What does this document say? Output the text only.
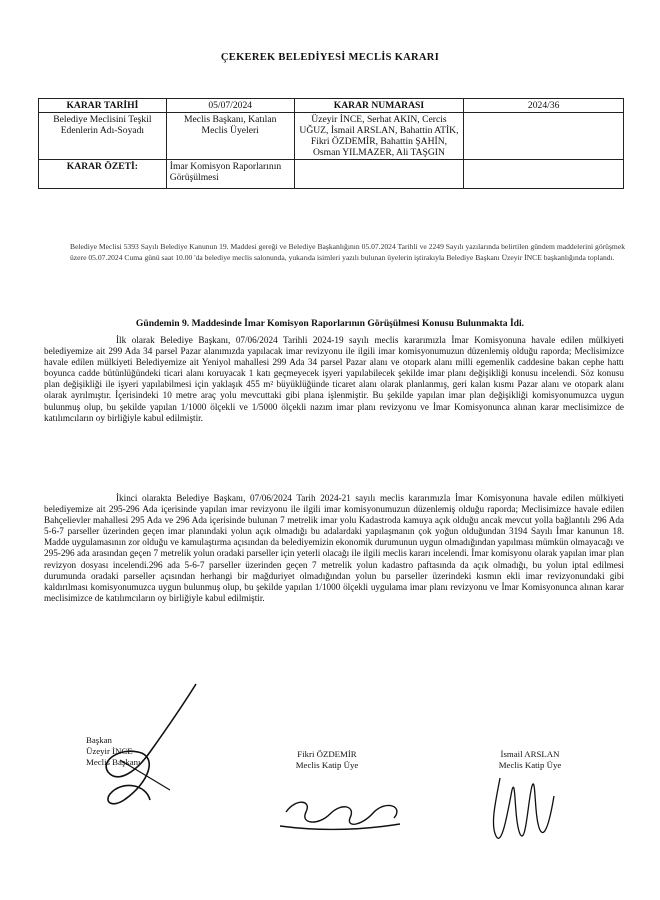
ÇEKEREK BELEDİYESİ MECLİS KARARI
KARAR TARİHİ	05/07/2024	KARAR NUMARASI	2024/36
Belediye Meclisini Teşkil Edenlerin Adı-Soyadı	Meclis Başkanı, Katılan Meclis Üyeleri	Üzeyir İNCE, Serhat AKIN, Cercis UĞUZ, İsmail ARSLAN, Bahattin ATİK, Fikri ÖZDEMİR, Bahattin ŞAHİN, Osman YILMAZER, Ali TAŞGIN	
KARAR ÖZETİ:	İmar Komisyon Raporlarının Görüşülmesi		
Belediye Meclisi 5393 Sayılı Belediye Kanunun 19. Maddesi gereği ve Belediye Başkanlığının 05.07.2024 Tarihli ve 2249 Sayılı yazılarında belirtilen gündem maddelerini görüşmek üzere 05.07.2024 Cuma günü saat 10.00 'da belediye meclis salonunda, yukarıda isimleri yazılı bulunan üyelerin iştirakıyla Belediye Başkanı Üzeyir İNCE başkanlığında toplandı.
Gündemin 9. Maddesinde İmar Komisyon Raporlarının Görüşülmesi Konusu Bulunmakta İdi.
İlk olarak Belediye Başkanı, 07/06/2024 Tarihli 2024-19 sayılı meclis kararımızla İmar Komisyonuna havale edilen mülkiyeti belediyemize ait 299 Ada 34 parsel Pazar alanımızda yapılacak imar revizyonu ile ilgili imar komisyonumuzun düzenlemiş olduğu raporda; Meclisimizce havale edilen mülkiyeti Belediyemize ait Yeniyol mahallesi 299 Ada 34 parsel Pazar alanı ve otopark alanı milli egemenlik caddesine bakan cephe hattı boyunca cadde bütünlüğündeki ticari alanı koruyacak 1 katı geçmeyecek işyeri yapılabilecek şekilde imar planı değişikliği konusu incelendi. Söz konusu plan değişikliği ile işyeri yapılabilmesi için yaklaşık 455 m² büyüklüğünde ticaret alanı olarak planlanmış, geri kalan kısmı Pazar alanı ve otopark alanı olarak ayrılmıştır. İçerisindeki 10 metre araç yolu mevcuttaki gibi plana işlenmiştir. Bu şekilde yapılan imar plan değişikliği komisyonumuzca uygun bulunmuş olup, bu şekilde yapılan 1/1000 ölçekli ve 1/5000 ölçekli nazım imar planı revizyonu ve İmar Komisyonunca alınan karar meclisimizce de katılımcıların oy birliğiyle kabul edilmiştir.
İkinci olarakta Belediye Başkanı, 07/06/2024 Tarih 2024-21 sayılı meclis kararımızla İmar Komisyonuna havale edilen mülkiyeti belediyemize ait 295-296 Ada içerisinde yapılan imar revizyonu ile ilgili imar komisyonumuzun düzenlemiş olduğu raporda; Meclisimizce havale edilen Bahçelievler mahallesi 295 Ada ve 296 Ada içerisinde bulunan 7 metrelik imar yolu Kadastroda kamuya açık olduğu ancak mevcut yolla bağlantılı 296 Ada 5-6-7 parseller üzerinden geçen imar planındaki yolun açık olmadığı bu adalardaki yapılaşmanın çok yoğun olduğundan 3194 Sayılı İmar kanunun 18. Madde uygulamasının zor olduğu ve kamulaştırma açısından da belediyemizin ekonomik durumunun uygun olmadığından yapılması mümkün olmayacağı ve 295-296 ada arasından geçen 7 metrelik yolun oradaki parseller için yeterli olacağı ile ilgili meclis kararı incelendi. İmar komisyonu olarak yapılan imar plan revizyon dosyası incelendi.296 ada 5-6-7 parseller üzerinden geçen 7 metrelik yolun kadastro paftasında da açık olmadığı, bu yolun iptal edilmesi durumunda oradaki parseller açısından herhangi bir mağduriyet olmadığından yolun bu parseller üzerindeki kısmın ekli imar revizyonundaki gibi kaldırılması komisyonumuzca uygun bulunmuş olup, bu şekilde yapılan 1/1000 ölçekli uygulama imar planı revizyonu ve İmar Komisyonunca alınan karar meclisimizce de katılımcıların oy birliğiyle kabul edilmiştir.
Başkan
Üzeyir İNCE
Meclis Başkanı
Fikri ÖZDEMİR
Meclis Katip Üye
İsmail ARSLAN
Meclis Katip Üye
